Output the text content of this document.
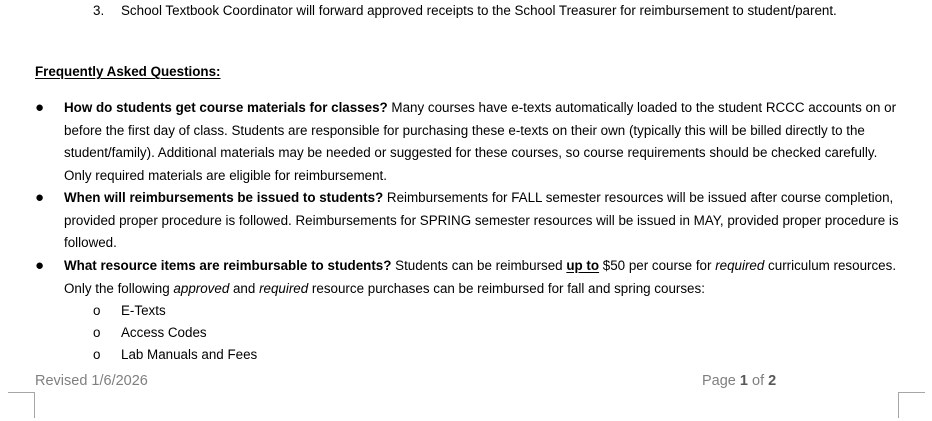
3. School Textbook Coordinator will forward approved receipts to the School Treasurer for reimbursement to student/parent.
Frequently Asked Questions:
● How do students get course materials for classes? Many courses have e-texts automatically loaded to the student RCCC accounts on or before the first day of class. Students are responsible for purchasing these e-texts on their own (typically this will be billed directly to the student/family). Additional materials may be needed or suggested for these courses, so course requirements should be checked carefully. Only required materials are eligible for reimbursement.
● When will reimbursements be issued to students? Reimbursements for FALL semester resources will be issued after course completion, provided proper procedure is followed. Reimbursements for SPRING semester resources will be issued in MAY, provided proper procedure is followed.
● What resource items are reimbursable to students? Students can be reimbursed up to $50 per course for required curriculum resources. Only the following approved and required resource purchases can be reimbursed for fall and spring courses:
o E-Texts
o Access Codes
o Lab Manuals and Fees
Revised 1/6/2026	Page 1 of 2
